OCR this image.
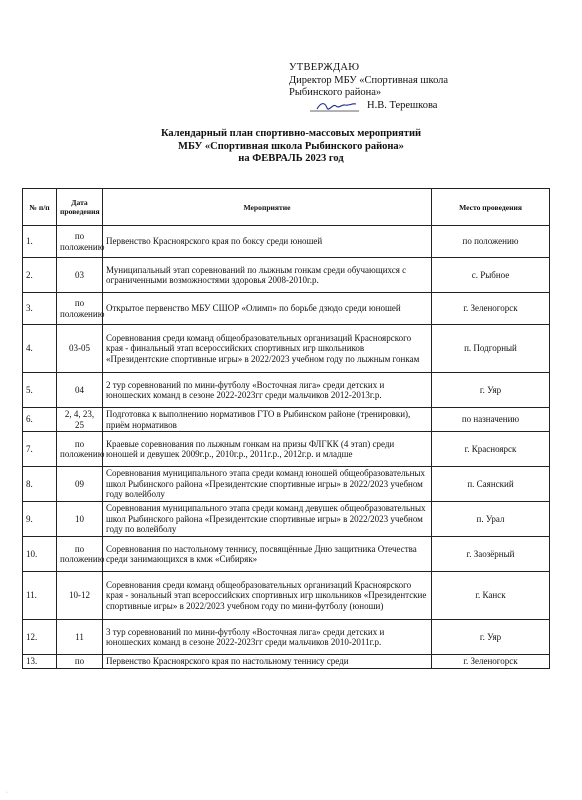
УТВЕРЖДАЮ
Директор МБУ «Спортивная школа
Рыбинского района»
Н.В. Терешкова
Календарный план спортивно-массовых мероприятий
МБУ «Спортивная школа Рыбинского района»
на ФЕВРАЛЬ 2023 год
№ п/п	Дата проведения	Мероприятие	Место проведения
1.	по положению	Первенство Красноярского края по боксу среди юношей	по положению
2.	03	Муниципальный этап соревнований по лыжным гонкам среди обучающихся с ограниченными возможностями здоровья 2008-2010г.р.	с. Рыбное
3.	по положению	Открытое первенство МБУ СШОР «Олимп» по борьбе дзюдо среди юношей	г. Зеленогорск
4.	03-05	Соревнования среди команд общеобразовательных организаций Красноярского края - финальный этап всероссийских спортивных игр школьников «Президентские спортивные игры» в 2022/2023 учебном году по лыжным гонкам	п. Подгорный
5.	04	2 тур соревнований по мини-футболу «Восточная лига» среди детских и юношеских команд в сезоне 2022-2023гг среди мальчиков 2012-2013г.р.	г. Уяр
6.	2, 4, 23, 25	Подготовка к выполнению нормативов ГТО в Рыбинском районе (тренировки), приём нормативов	по назначению
7.	по положению	Краевые соревнования по лыжным гонкам на призы ФЛГКК (4 этап) среди юношей и девушек 2009г.р., 2010г.р., 2011г.р., 2012г.р. и младше	г. Красноярск
8.	09	Соревнования муниципального этапа среди команд юношей общеобразовательных школ Рыбинского района «Президентские спортивные игры» в 2022/2023 учебном году волейболу	п. Саянский
9.	10	Соревнования муниципального этапа среди команд девушек общеобразовательных школ Рыбинского района «Президентские спортивные игры» в 2022/2023 учебном году по волейболу	п. Урал
10.	по положению	Соревнования по настольному теннису, посвящённые Дню защитника Отечества среди занимающихся в кмж «Сибиряк»	г. Заозёрный
11.	10-12	Соревнования среди команд общеобразовательных организаций Красноярского края - зональный этап всероссийских спортивных игр школьников «Президентские спортивные игры» в 2022/2023 учебном году по мини-футболу (юноши)	г. Канск
12.	11	3 тур соревнований по мини-футболу «Восточная лига» среди детских и юношеских команд в сезоне 2022-2023гг среди мальчиков 2010-2011г.р.	г. Уяр
13.	по	Первенство Красноярского края по настольному теннису среди	г. Зеленогорск
·
